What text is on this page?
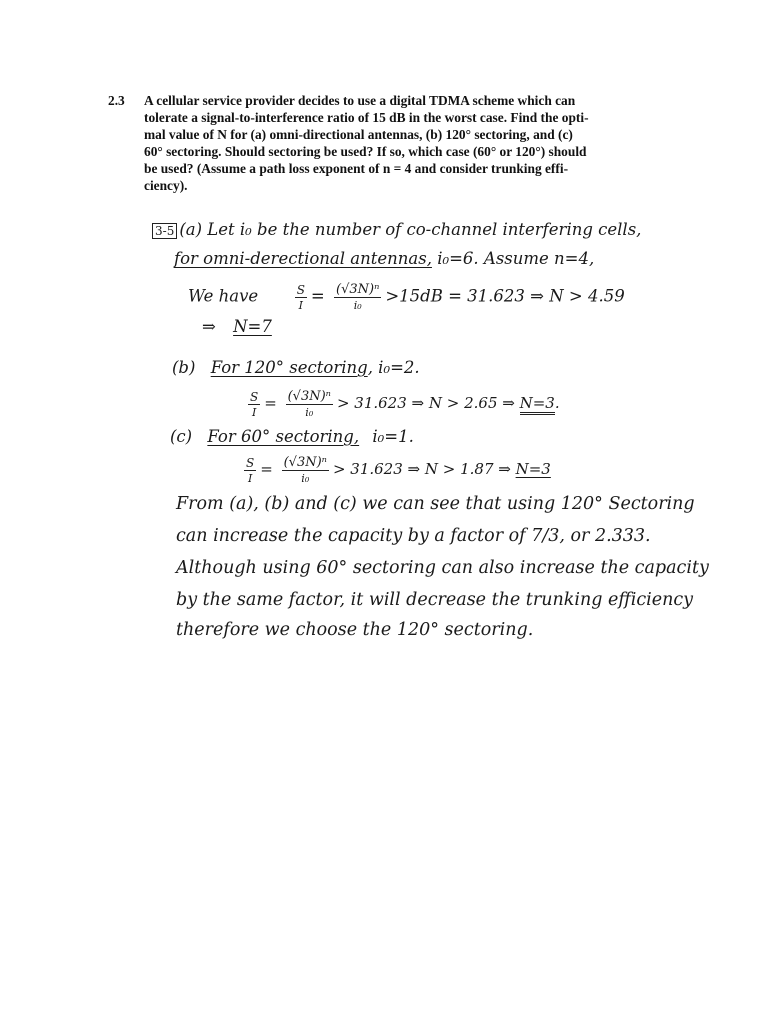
2.3 A cellular service provider decides to use a digital TDMA scheme which can
tolerate a signal-to-interference ratio of 15 dB in the worst case. Find the opti-
mal value of N for (a) omni-directional antennas, (b) 120° sectoring, and (c)
60° sectoring. Should sectoring be used? If so, which case (60° or 120°) should
be used? (Assume a path loss exponent of n = 4 and consider trunking effi-
ciency).
3-5 (a) Let i₀ be the number of co-channel interfering cells,
for omni-derectional antennas, i₀=6. Assume n=4,
We have	$\frac{S}{I} = \frac{\text{(√3N)ⁿ}}{\text{i₀}} >15dB = 31.623$ ⇒ N > 4.59
⇒ N=7
(b) For 120° sectoring, i₀=2.
$\frac{S}{I} = \frac{\text{(√3N)ⁿ}}{\text{i₀}} > 31.623$ ⇒ N > 2.65 ⇒ N=3.
(c) For 60° sectoring, i₀=1.
$\frac{S}{I} = \frac{\text{(√3N)ⁿ}}{\text{i₀}} > 31.623$ ⇒ N > 1.87 ⇒ N=3
From (a), (b) and (c) we can see that using 120° Sectoring
can increase the capacity by a factor of 7/3, or 2.333.
Although using 60° sectoring can also increase the capacity
by the same factor, it will decrease the trunking efficiency
therefore we choose the 120° sectoring.
